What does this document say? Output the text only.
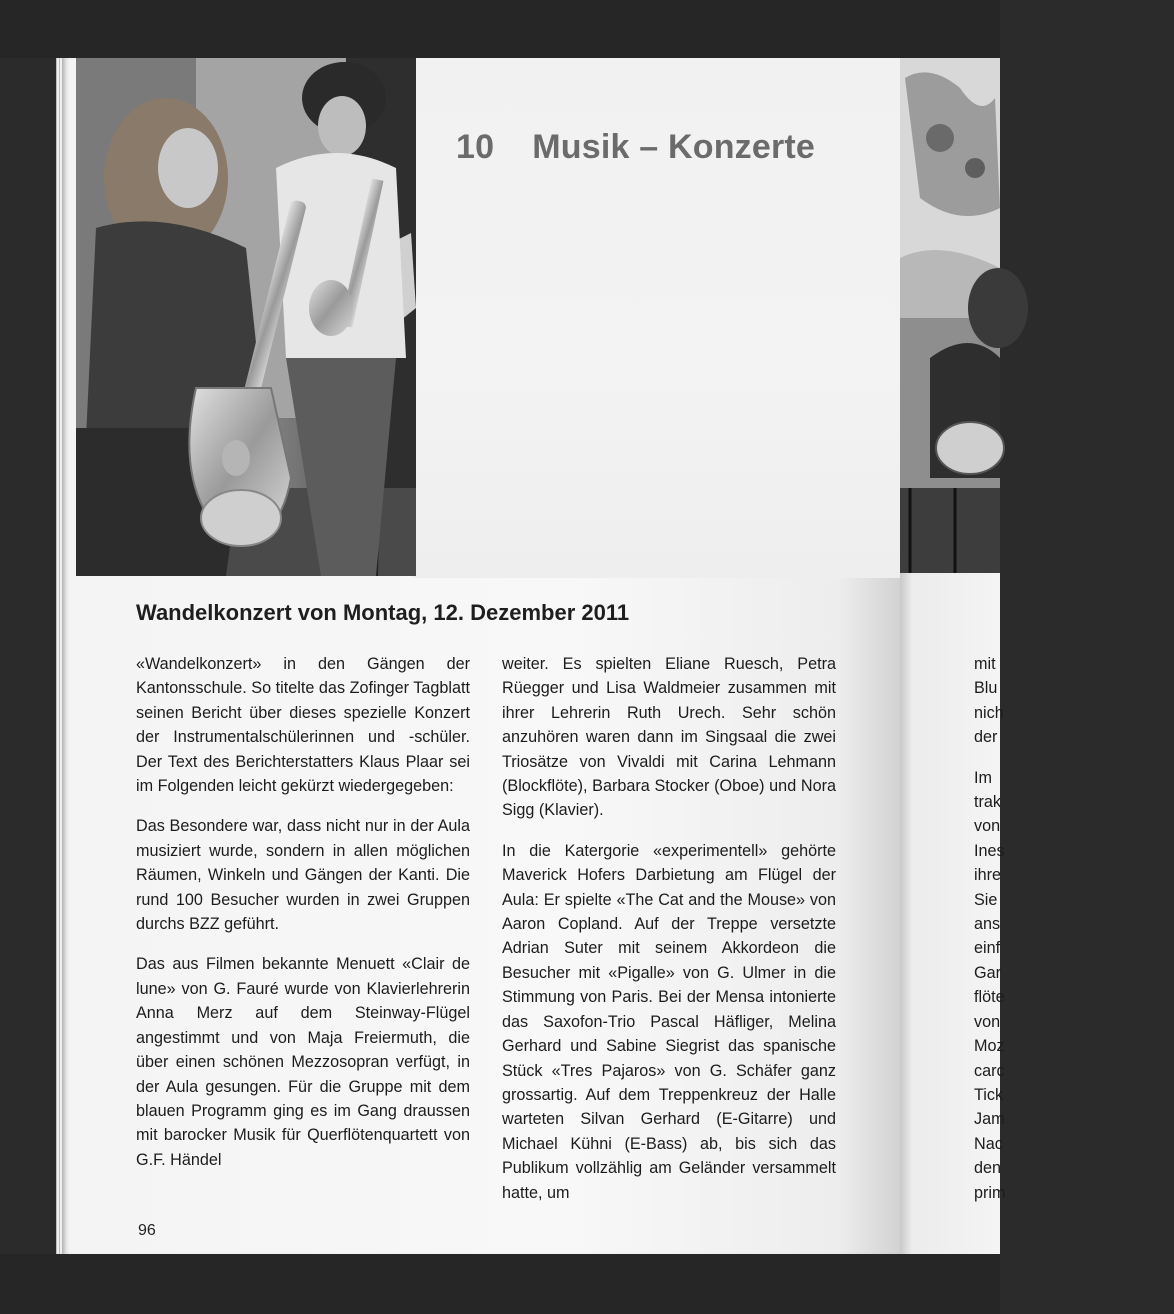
10 Musik – Konzerte
Wandelkonzert von Montag, 12. Dezember 2011

«Wandelkonzert» in den Gängen der Kantonsschule. So titelte das Zofinger Tagblatt seinen Bericht über dieses spezielle Konzert der Instrumentalschülerinnen und -schüler. Der Text des Berichterstatters Klaus Plaar sei im Folgenden leicht gekürzt wiedergegeben:

Das Besondere war, dass nicht nur in der Aula musiziert wurde, sondern in allen möglichen Räumen, Winkeln und Gängen der Kanti. Die rund 100 Besucher wurden in zwei Gruppen durchs BZZ geführt.

Das aus Filmen bekannte Menuett «Clair de lune» von G. Fauré wurde von Klavierlehrerin Anna Merz auf dem Steinway-Flügel angestimmt und von Maja Freiermuth, die über einen schönen Mezzosopran verfügt, in der Aula gesungen. Für die Gruppe mit dem blauen Programm ging es im Gang draussen mit barocker Musik für Querflötenquartett von G.F. Händel

weiter. Es spielten Eliane Ruesch, Petra Rüegger und Lisa Waldmeier zusammen mit ihrer Lehrerin Ruth Urech. Sehr schön anzuhören waren dann im Singsaal die zwei Triosätze von Vivaldi mit Carina Lehmann (Blockflöte), Barbara Stocker (Oboe) und Nora Sigg (Klavier).

In die Katergorie «experimentell» gehörte Maverick Hofers Darbietung am Flügel der Aula: Er spielte «The Cat and the Mouse» von Aaron Copland. Auf der Treppe versetzte Adrian Suter mit seinem Akkordeon die Besucher mit «Pigalle» von G. Ulmer in die Stimmung von Paris. Bei der Mensa intonierte das Saxofon-Trio Pascal Häfliger, Melina Gerhard und Sabine Siegrist das spanische Stück «Tres Pajaros» von G. Schäfer ganz grossartig. Auf dem Treppenkreuz der Halle warteten Silvan Gerhard (E-Gitarre) und Michael Kühni (E-Bass) ab, bis sich das Publikum vollzählig am Geländer versammelt hatte, um

96
mit
Blu
nich
der
Im
trak
von
Ines
ihre
Sie
ans
einf
Gar
flöte
von
Moz
carc
Tick
Jam
Nac
den
prim
